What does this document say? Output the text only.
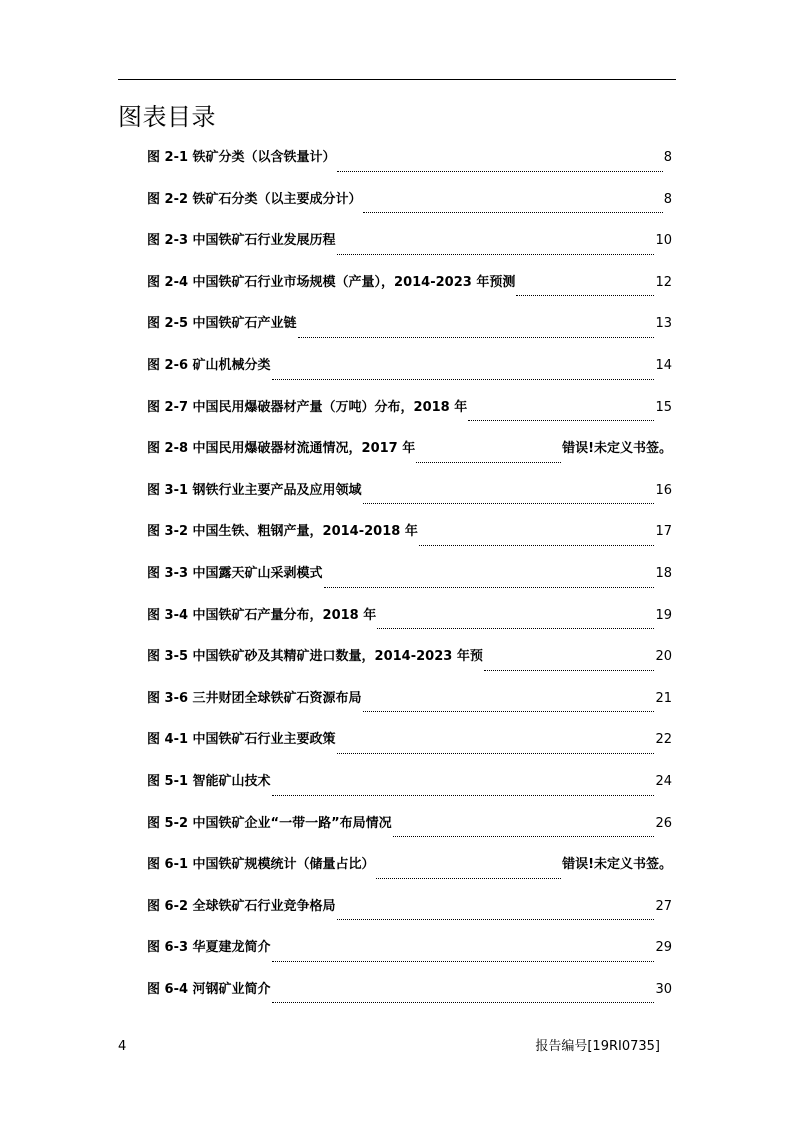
图表目录
图 2-1 铁矿分类（以含铁量计）	8
图 2-2 铁矿石分类（以主要成分计）	8
图 2-3 中国铁矿石行业发展历程	10
图 2-4 中国铁矿石行业市场规模（产量），2014-2023 年预测	12
图 2-5 中国铁矿石产业链	13
图 2-6 矿山机械分类	14
图 2-7 中国民用爆破器材产量（万吨）分布，2018 年	15
图 2-8 中国民用爆破器材流通情况，2017 年	错误!未定义书签。
图 3-1 钢铁行业主要产品及应用领域	16
图 3-2 中国生铁、粗钢产量，2014-2018 年	17
图 3-3 中国露天矿山采剥模式	18
图 3-4 中国铁矿石产量分布，2018 年	19
图 3-5 中国铁矿砂及其精矿进口数量，2014-2023 年预	20
图 3-6 三井财团全球铁矿石资源布局	21
图 4-1 中国铁矿石行业主要政策	22
图 5-1 智能矿山技术	24
图 5-2 中国铁矿企业“一带一路”布局情况	26
图 6-1 中国铁矿规模统计（储量占比）	错误!未定义书签。
图 6-2 全球铁矿石行业竞争格局	27
图 6-3 华夏建龙简介	29
图 6-4 河钢矿业简介	30
4	报告编号[19RI0735]
